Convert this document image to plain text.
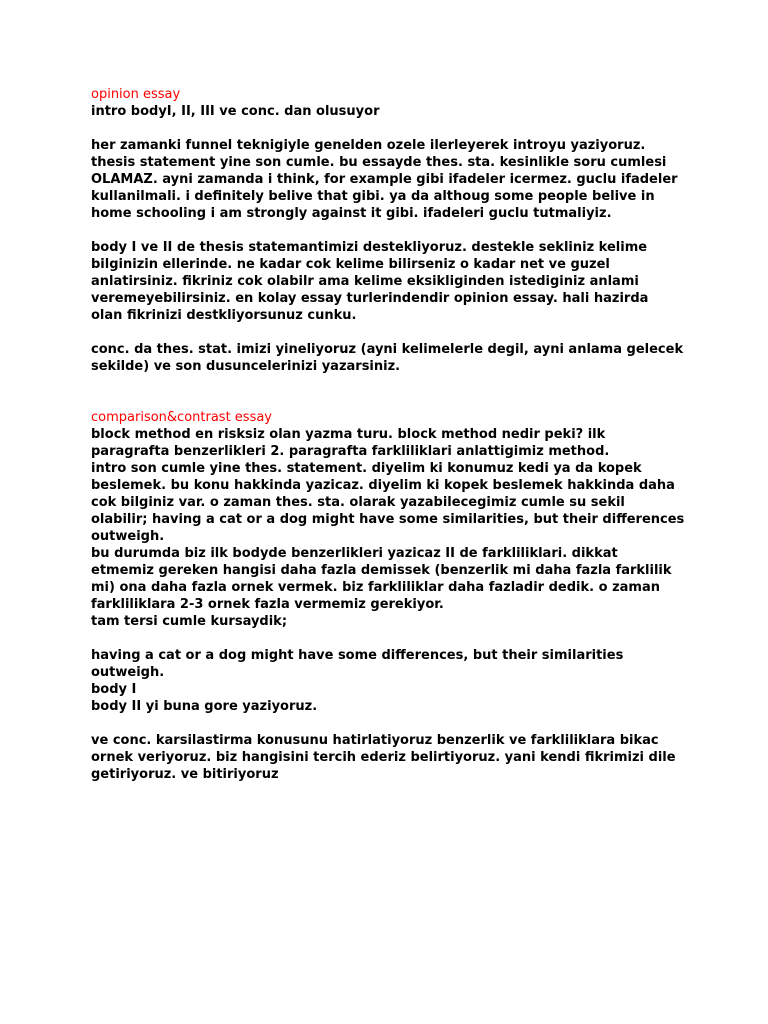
opinion essay

intro bodyI, II, III ve conc. dan olusuyor

her zamanki funnel teknigiyle genelden ozele ilerleyerek introyu yaziyoruz.
thesis statement yine son cumle. bu essayde thes. sta. kesinlikle soru cumlesi
OLAMAZ. ayni zamanda i think, for example gibi ifadeler icermez. guclu ifadeler
kullanilmali. i definitely belive that gibi. ya da althoug some people belive in
home schooling i am strongly against it gibi. ifadeleri guclu tutmaliyiz.

body I ve II de thesis statemantimizi destekliyoruz. destekle sekliniz kelime
bilginizin ellerinde. ne kadar cok kelime bilirseniz o kadar net ve guzel
anlatirsiniz. fikriniz cok olabilr ama kelime eksikliginden istediginiz anlami
veremeyebilirsiniz. en kolay essay turlerindendir opinion essay. hali hazirda
olan fikrinizi destkliyorsunuz cunku.

conc. da thes. stat. imizi yineliyoruz (ayni kelimelerle degil, ayni anlama gelecek
sekilde) ve son dusuncelerinizi yazarsiniz.

comparison&contrast essay

block method en risksiz olan yazma turu. block method nedir peki? ilk
paragrafta benzerlikleri 2. paragrafta farkliliklari anlattigimiz method.
intro son cumle yine thes. statement. diyelim ki konumuz kedi ya da kopek
beslemek. bu konu hakkinda yazicaz. diyelim ki kopek beslemek hakkinda daha
cok bilginiz var. o zaman thes. sta. olarak yazabilecegimiz cumle su sekil
olabilir; having a cat or a dog might have some similarities, but their differences
outweigh.
bu durumda biz ilk bodyde benzerlikleri yazicaz II de farkliliklari. dikkat
etmemiz gereken hangisi daha fazla demissek (benzerlik mi daha fazla farklilik
mi) ona daha fazla ornek vermek. biz farkliliklar daha fazladir dedik. o zaman
farkliliklara 2-3 ornek fazla vermemiz gerekiyor.
tam tersi cumle kursaydik;

having a cat or a dog might have some differences, but their similarities
outweigh.
body I
body II yi buna gore yaziyoruz.

ve conc. karsilastirma konusunu hatirlatiyoruz benzerlik ve farkliliklara bikac
ornek veriyoruz. biz hangisini tercih ederiz belirtiyoruz. yani kendi fikrimizi dile
getiriyoruz. ve bitiriyoruz
